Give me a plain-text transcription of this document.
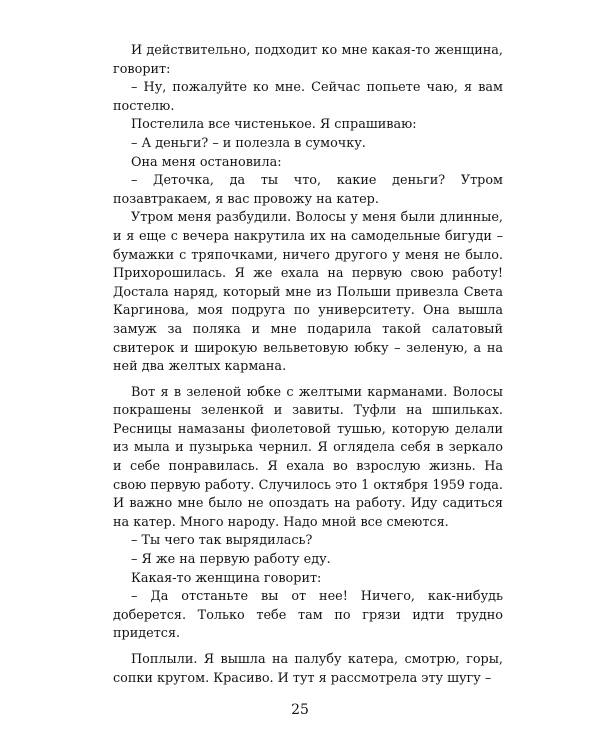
И действительно, подходит ко мне какая-то женщина, говорит:

– Ну, пожалуйте ко мне. Сейчас попьете чаю, я вам постелю.

Постелила все чистенькое. Я спрашиваю:

– А деньги? – и полезла в сумочку.

Она меня остановила:

– Деточка, да ты что, какие деньги? Утром позавтракаем, я вас провожу на катер.

Утром меня разбудили. Волосы у меня были длинные, и я еще с вечера накрутила их на самодельные бигуди – бумажки с тряпочками, ничего другого у меня не было. Прихорошилась. Я же ехала на первую свою работу! Достала наряд, который мне из Польши привезла Света Каргинова, моя подруга по университету. Она вышла замуж за поляка и мне подарила такой салатовый свитерок и широкую вельветовую юбку – зеленую, а на ней два желтых кармана.

Вот я в зеленой юбке с желтыми карманами. Волосы покрашены зеленкой и завиты. Туфли на шпильках. Ресницы намазаны фиолетовой тушью, которую делали из мыла и пузырька чернил. Я оглядела себя в зеркало и себе понравилась. Я ехала во взрослую жизнь. На свою первую работу. Случилось это 1 октября 1959 года. И важно мне было не опоздать на работу. Иду садиться на катер. Много народу. Надо мной все смеются.

– Ты чего так вырядилась?

– Я же на первую работу еду.

Какая-то женщина говорит:

– Да отстаньте вы от нее! Ничего, как-нибудь доберется. Только тебе там по грязи идти трудно придется.

Поплыли. Я вышла на палубу катера, смотрю, горы, сопки кругом. Красиво. И тут я рассмотрела эту шугу –

25
